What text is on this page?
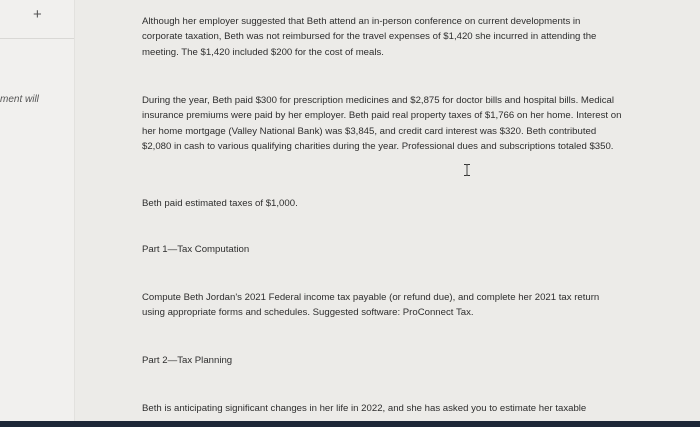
+
ment will

Although her employer suggested that Beth attend an in-person conference on current developments in corporate taxation, Beth was not reimbursed for the travel expenses of $1,420 she incurred in attending the meeting. The $1,420 included $200 for the cost of meals.

During the year, Beth paid $300 for prescription medicines and $2,875 for doctor bills and hospital bills. Medical insurance premiums were paid by her employer. Beth paid real property taxes of $1,766 on her home. Interest on her home mortgage (Valley National Bank) was $3,845, and credit card interest was $320. Beth contributed $2,080 in cash to various qualifying charities during the year. Professional dues and subscriptions totaled $350.

Beth paid estimated taxes of $1,000.

Part 1—Tax Computation

Compute Beth Jordan's 2021 Federal income tax payable (or refund due), and complete her 2021 tax return using appropriate forms and schedules. Suggested software: ProConnect Tax.

Part 2—Tax Planning

Beth is anticipating significant changes in her life in 2022, and she has asked you to estimate her taxable
